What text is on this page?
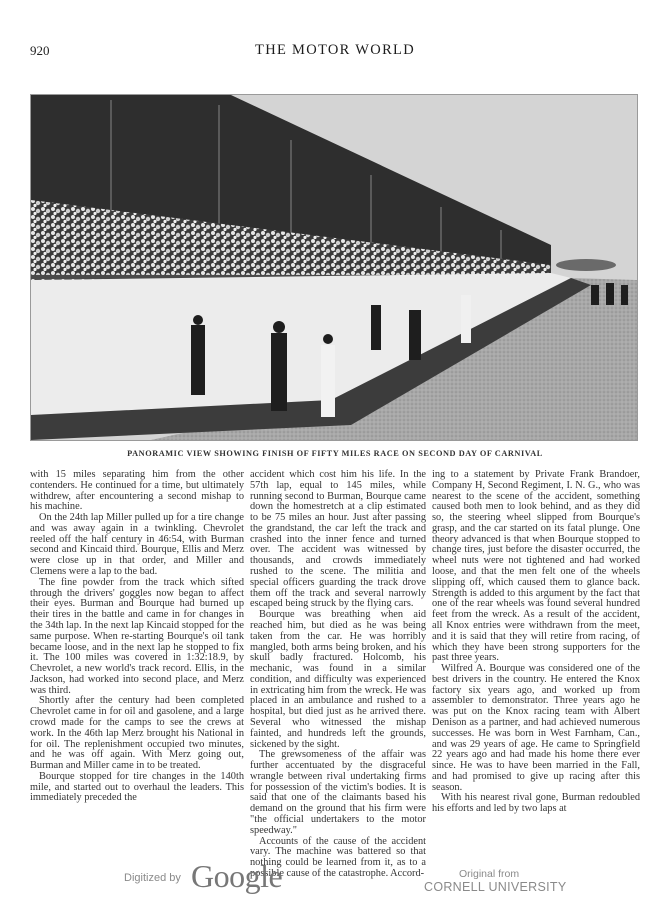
920	THE MOTOR WORLD
PANORAMIC VIEW SHOWING FINISH OF FIFTY MILES RACE ON SECOND DAY OF CARNIVAL

with 15 miles separating him from the other contenders. He continued for a time, but ultimately withdrew, after encountering a second mishap to his machine.

On the 24th lap Miller pulled up for a tire change and was away again in a twinkling. Chevrolet reeled off the half century in 46:54, with Burman second and Kincaid third. Bourque, Ellis and Merz were close up in that order, and Miller and Clemens were a lap to the bad.

The fine powder from the track which sifted through the drivers' goggles now began to affect their eyes. Burman and Bourque had burned up their tires in the battle and came in for changes in the 34th lap. In the next lap Kincaid stopped for the same purpose. When re-starting Bourque's oil tank became loose, and in the next lap he stopped to fix it. The 100 miles was covered in 1:32:18.9, by Chevrolet, a new world's track record. Ellis, in the Jackson, had worked into second place, and Merz was third.

Shortly after the century had been completed Chevrolet came in for oil and gasolene, and a large crowd made for the camps to see the crews at work. In the 46th lap Merz brought his National in for oil. The replenishment occupied two minutes, and he was off again. With Merz going out, Burman and Miller came in to be treated.

Bourque stopped for tire changes in the 140th mile, and started out to overhaul the leaders. This immediately preceded the

accident which cost him his life. In the 57th lap, equal to 145 miles, while running second to Burman, Bourque came down the homestretch at a clip estimated to be 75 miles an hour. Just after passing the grandstand, the car left the track and crashed into the inner fence and turned over. The accident was witnessed by thousands, and crowds immediately rushed to the scene. The militia and special officers guarding the track drove them off the track and several narrowly escaped being struck by the flying cars.

Bourque was breathing when aid reached him, but died as he was being taken from the car. He was horribly mangled, both arms being broken, and his skull badly fractured. Holcomb, his mechanic, was found in a similar condition, and difficulty was experienced in extricating him from the wreck. He was placed in an ambulance and rushed to a hospital, but died just as he arrived there. Several who witnessed the mishap fainted, and hundreds left the grounds, sickened by the sight.

The grewsomeness of the affair was further accentuated by the disgraceful wrangle between rival undertaking firms for possession of the victim's bodies. It is said that one of the claimants based his demand on the ground that his firm were "the official undertakers to the motor speedway."

Accounts of the cause of the accident vary. The machine was battered so that nothing could be learned from it, as to a possible cause of the catastrophe. Accord-

ing to a statement by Private Frank Brandoer, Company H, Second Regiment, I. N. G., who was nearest to the scene of the accident, something caused both men to look behind, and as they did so, the steering wheel slipped from Bourque's grasp, and the car started on its fatal plunge. One theory advanced is that when Bourque stopped to change tires, just before the disaster occurred, the wheel nuts were not tightened and had worked loose, and that the men felt one of the wheels slipping off, which caused them to glance back. Strength is added to this argument by the fact that one of the rear wheels was found several hundred feet from the wreck. As a result of the accident, all Knox entries were withdrawn from the meet, and it is said that they will retire from racing, of which they have been strong supporters for the past three years.

Wilfred A. Bourque was considered one of the best drivers in the country. He entered the Knox factory six years ago, and worked up from assembler to demonstrator. Three years ago he was put on the Knox racing team with Albert Denison as a partner, and had achieved numerous successes. He was born in West Farnham, Can., and was 29 years of age. He came to Springfield 22 years ago and had made his home there ever since. He was to have been married in the Fall, and had promised to give up racing after this season.

With his nearest rival gone, Burman redoubled his efforts and led by two laps at

Digitized by Google	Original from
CORNELL UNIVERSITY
